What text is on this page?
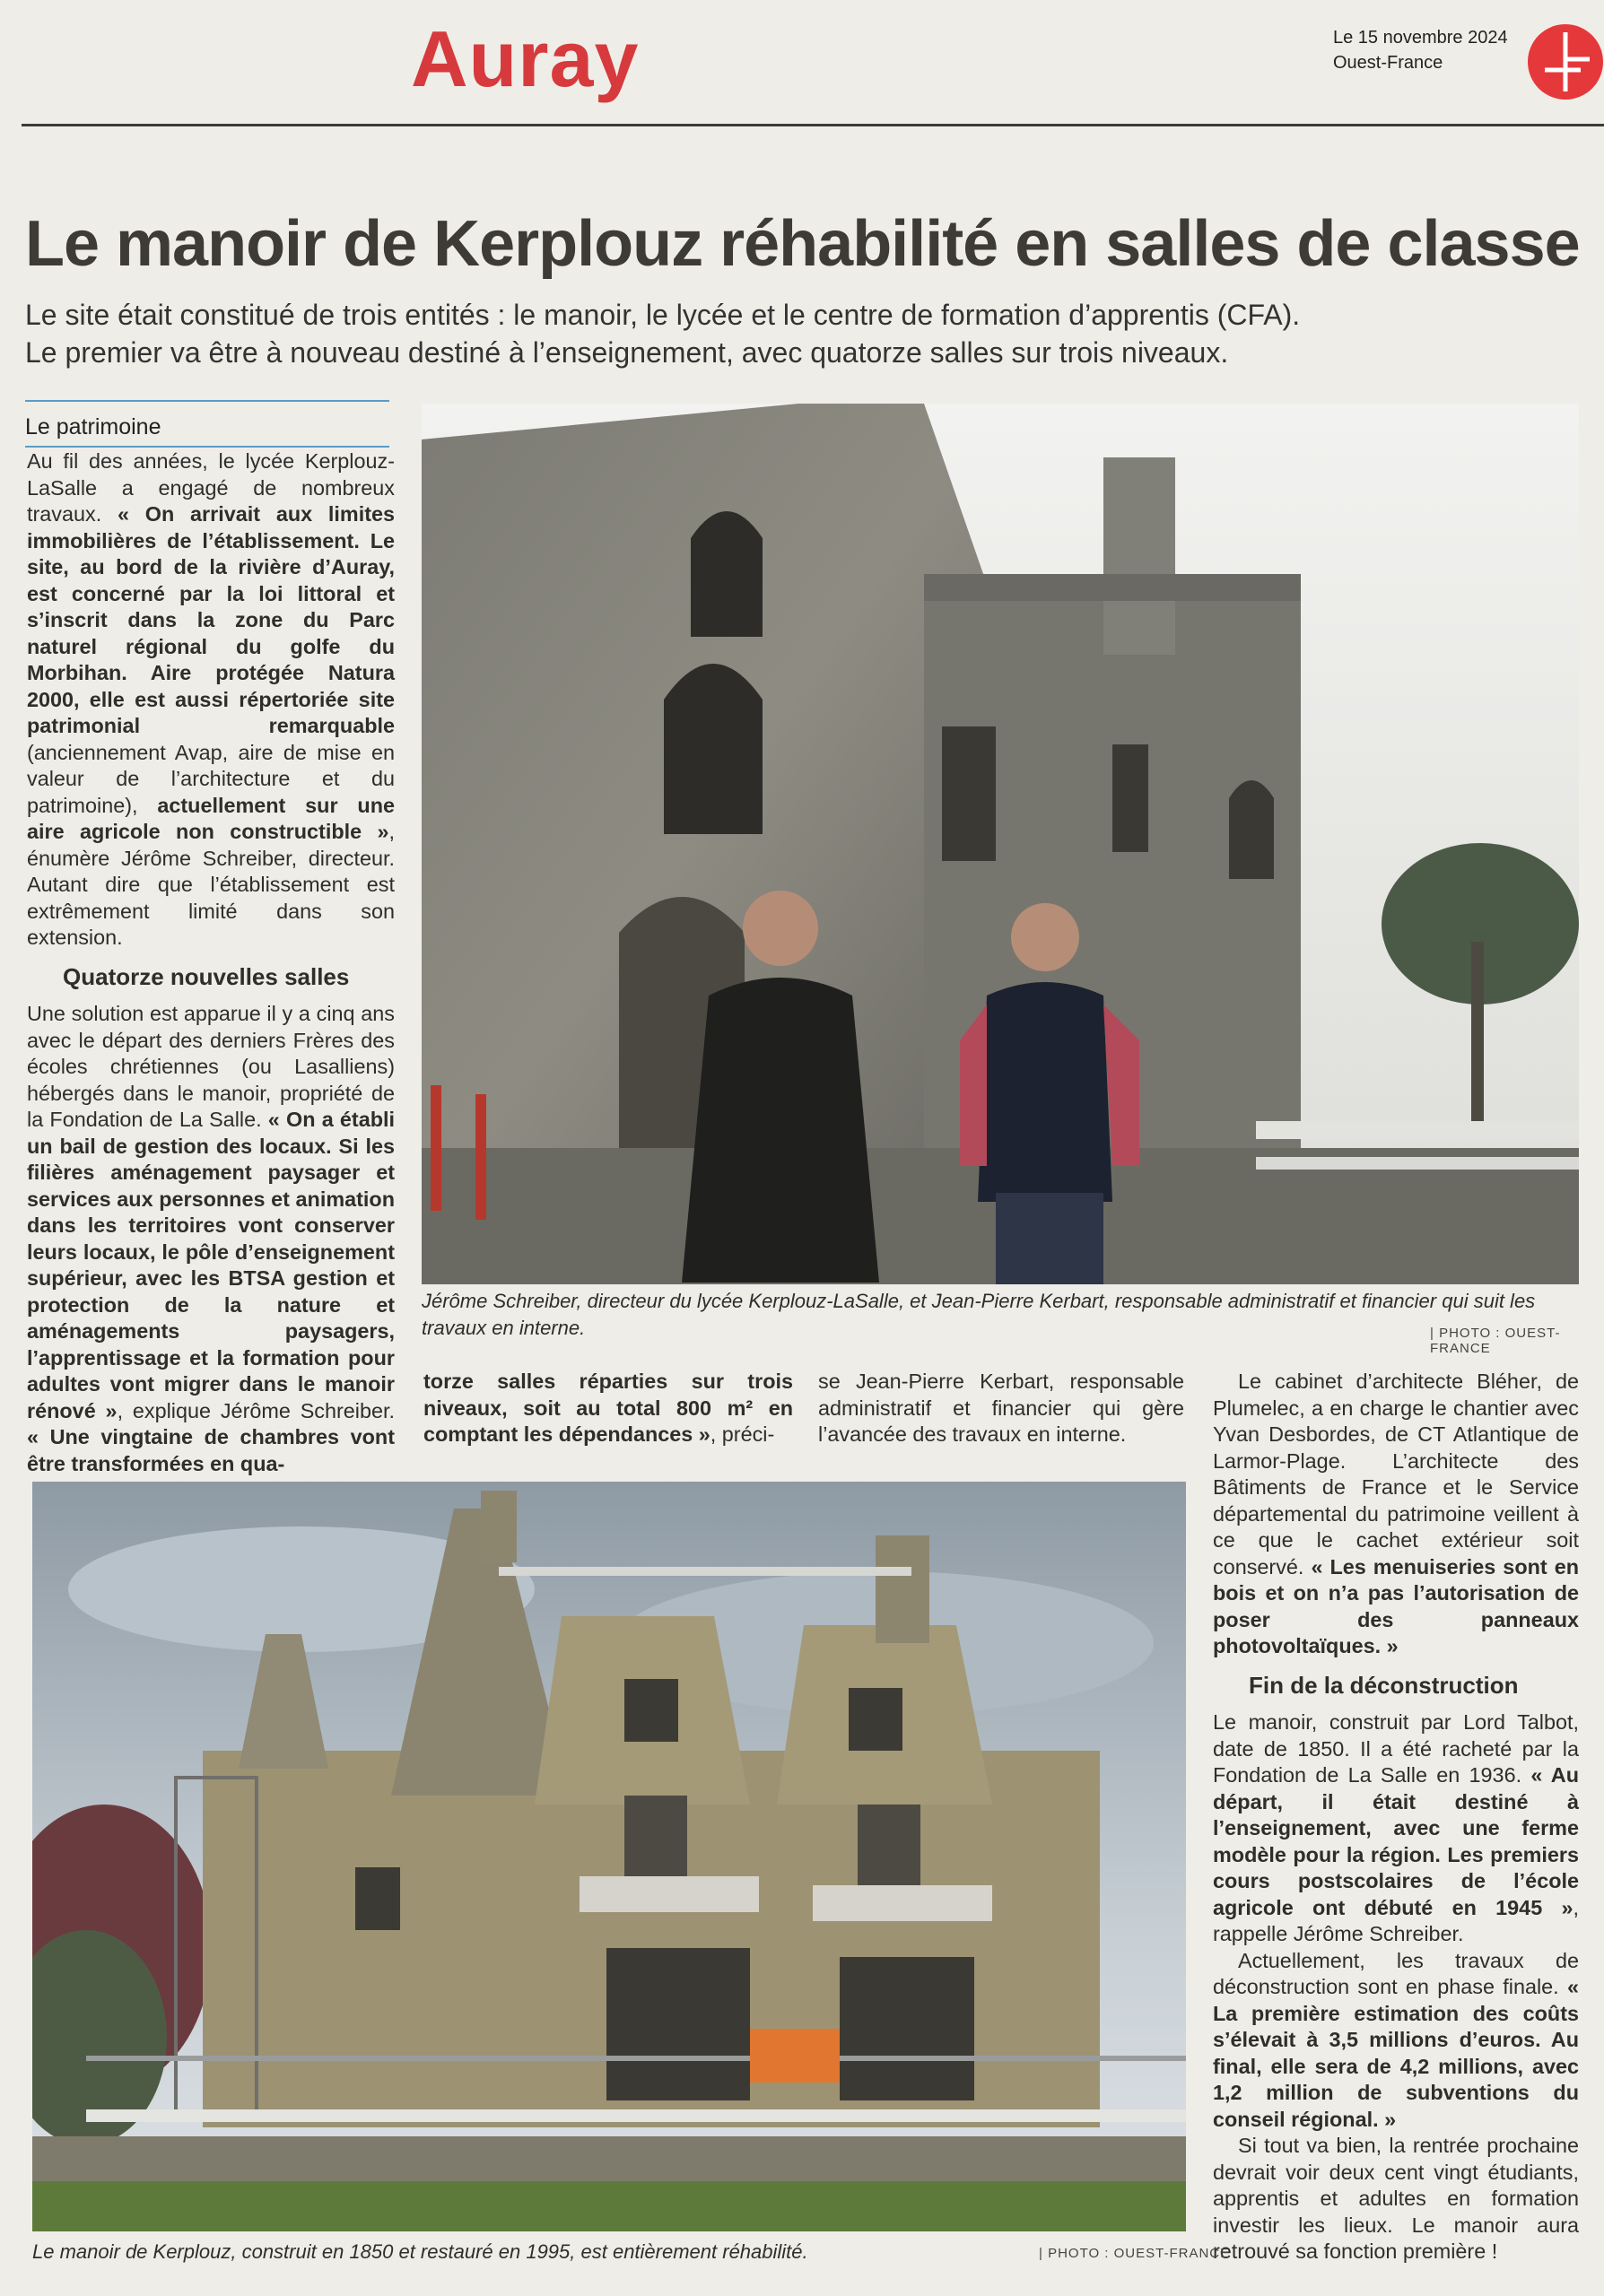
Auray	Le 15 novembre 2024
Ouest-France
Le manoir de Kerplouz réhabilité en salles de classe
Le site était constitué de trois entités : le manoir, le lycée et le centre de formation d’apprentis (CFA).
Le premier va être à nouveau destiné à l’enseignement, avec quatorze salles sur trois niveaux.
Le patrimoine

Au fil des années, le lycée Kerplouz-LaSalle a engagé de nombreux travaux. « On arrivait aux limites immobilières de l’établissement. Le site, au bord de la rivière d’Auray, est concerné par la loi littoral et s’inscrit dans la zone du Parc naturel régional du golfe du Morbihan. Aire protégée Natura 2000, elle est aussi répertoriée site patrimonial remarquable (anciennement Avap, aire de mise en valeur de l’architecture et du patrimoine), actuellement sur une aire agricole non constructible », énumère Jérôme Schreiber, directeur. Autant dire que l’établissement est extrêmement limité dans son extension.

Quatorze nouvelles salles

Une solution est apparue il y a cinq ans avec le départ des derniers Frères des écoles chrétiennes (ou Lasalliens) hébergés dans le manoir, propriété de la Fondation de La Salle. « On a établi un bail de gestion des locaux. Si les filières aménagement paysager et services aux personnes et animation dans les territoires vont conserver leurs locaux, le pôle d’enseignement supérieur, avec les BTSA gestion et protection de la nature et aménagements paysagers, l’apprentissage et la formation pour adultes vont migrer dans le manoir rénové », explique Jérôme Schreiber. « Une vingtaine de chambres vont être transformées en qua-

Jérôme Schreiber, directeur du lycée Kerplouz-LaSalle, et Jean-Pierre Kerbart, responsable administratif et financier qui suit les travaux en interne.	| PHOTO : OUEST-FRANCE

torze salles réparties sur trois niveaux, soit au total 800 m² en comptant les dépendances », préci-

se Jean-Pierre Kerbart, responsable administratif et financier qui gère l’avancée des travaux en interne.

Le cabinet d’architecte Bléher, de Plumelec, a en charge le chantier avec Yvan Desbordes, de CT Atlantique de Larmor-Plage. L’architecte des Bâtiments de France et le Service départemental du patrimoine veillent à ce que le cachet extérieur soit conservé. « Les menuiseries sont en bois et on n’a pas l’autorisation de poser des panneaux photovoltaïques. »

Fin de la déconstruction

Le manoir, construit par Lord Talbot, date de 1850. Il a été racheté par la Fondation de La Salle en 1936. « Au départ, il était destiné à l’enseignement, avec une ferme modèle pour la région. Les premiers cours postscolaires de l’école agricole ont débuté en 1945 », rappelle Jérôme Schreiber.

Actuellement, les travaux de déconstruction sont en phase finale. « La première estimation des coûts s’élevait à 3,5 millions d’euros. Au final, elle sera de 4,2 millions, avec 1,2 million de subventions du conseil régional. »

Si tout va bien, la rentrée prochaine devrait voir deux cent vingt étudiants, apprentis et adultes en formation investir les lieux. Le manoir aura retrouvé sa fonction première !

Le manoir de Kerplouz, construit en 1850 et restauré en 1995, est entièrement réhabilité.	| PHOTO : OUEST-FRANCE
